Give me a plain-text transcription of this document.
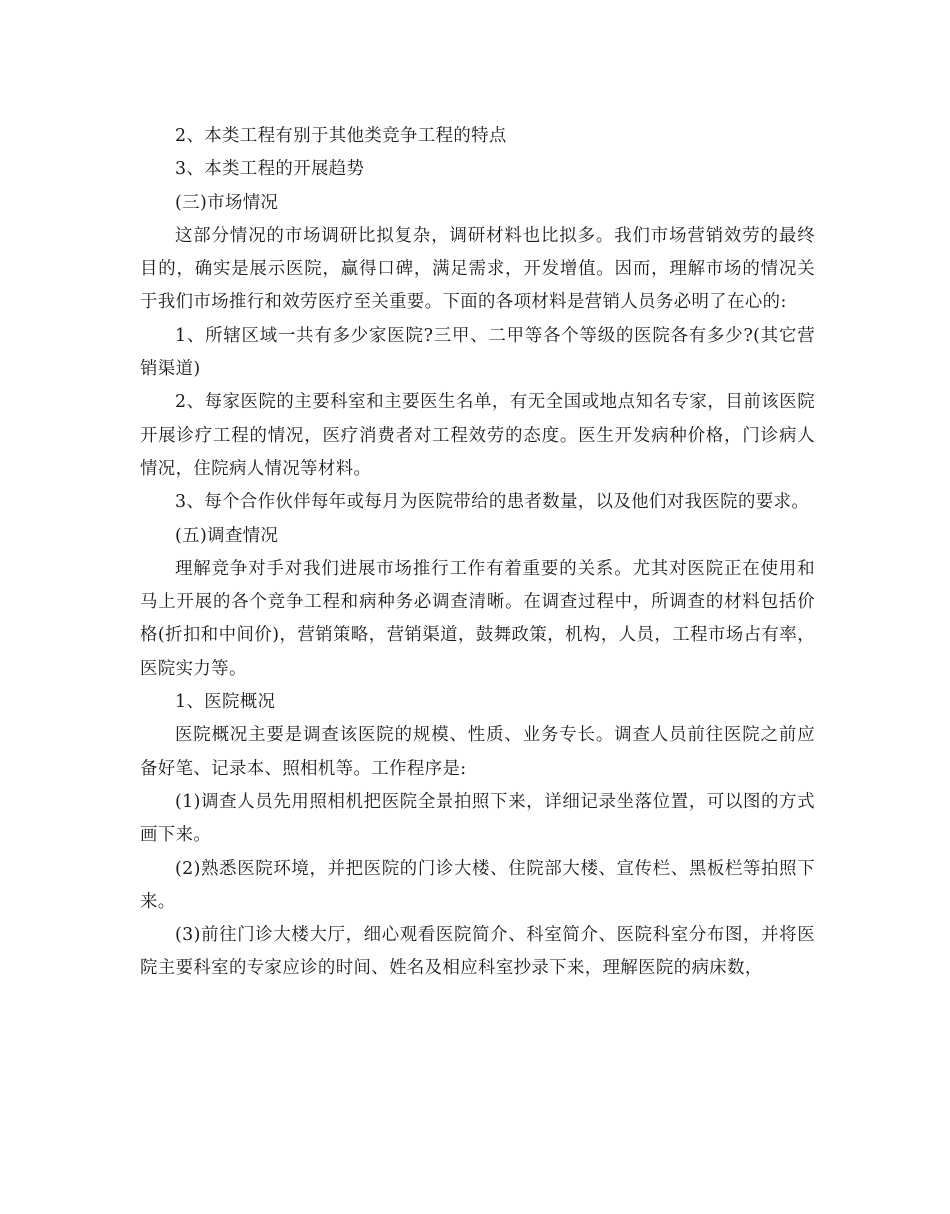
2、本类工程有别于其他类竞争工程的特点

3、本类工程的开展趋势

(三)市场情况

这部分情况的市场调研比拟复杂，调研材料也比拟多。我们市场营销效劳的最终目的，确实是展示医院，赢得口碑，满足需求，开发增值。因而，理解市场的情况关于我们市场推行和效劳医疗至关重要。下面的各项材料是营销人员务必明了在心的:

1、所辖区域一共有多少家医院?三甲、二甲等各个等级的医院各有多少?(其它营销渠道)

2、每家医院的主要科室和主要医生名单，有无全国或地点知名专家，目前该医院开展诊疗工程的情况，医疗消费者对工程效劳的态度。医生开发病种价格，门诊病人情况，住院病人情况等材料。

3、每个合作伙伴每年或每月为医院带给的患者数量，以及他们对我医院的要求。

(五)调查情况

理解竞争对手对我们进展市场推行工作有着重要的关系。尤其对医院正在使用和马上开展的各个竞争工程和病种务必调查清晰。在调查过程中，所调查的材料包括价格(折扣和中间价)，营销策略，营销渠道，鼓舞政策，机构，人员，工程市场占有率，医院实力等。

1、医院概况

医院概况主要是调查该医院的规模、性质、业务专长。调查人员前往医院之前应备好笔、记录本、照相机等。工作程序是:

(1)调查人员先用照相机把医院全景拍照下来，详细记录坐落位置，可以图的方式画下来。

(2)熟悉医院环境，并把医院的门诊大楼、住院部大楼、宣传栏、黑板栏等拍照下来。

(3)前往门诊大楼大厅，细心观看医院简介、科室简介、医院科室分布图，并将医院主要科室的专家应诊的时间、姓名及相应科室抄录下来，理解医院的病床数，
